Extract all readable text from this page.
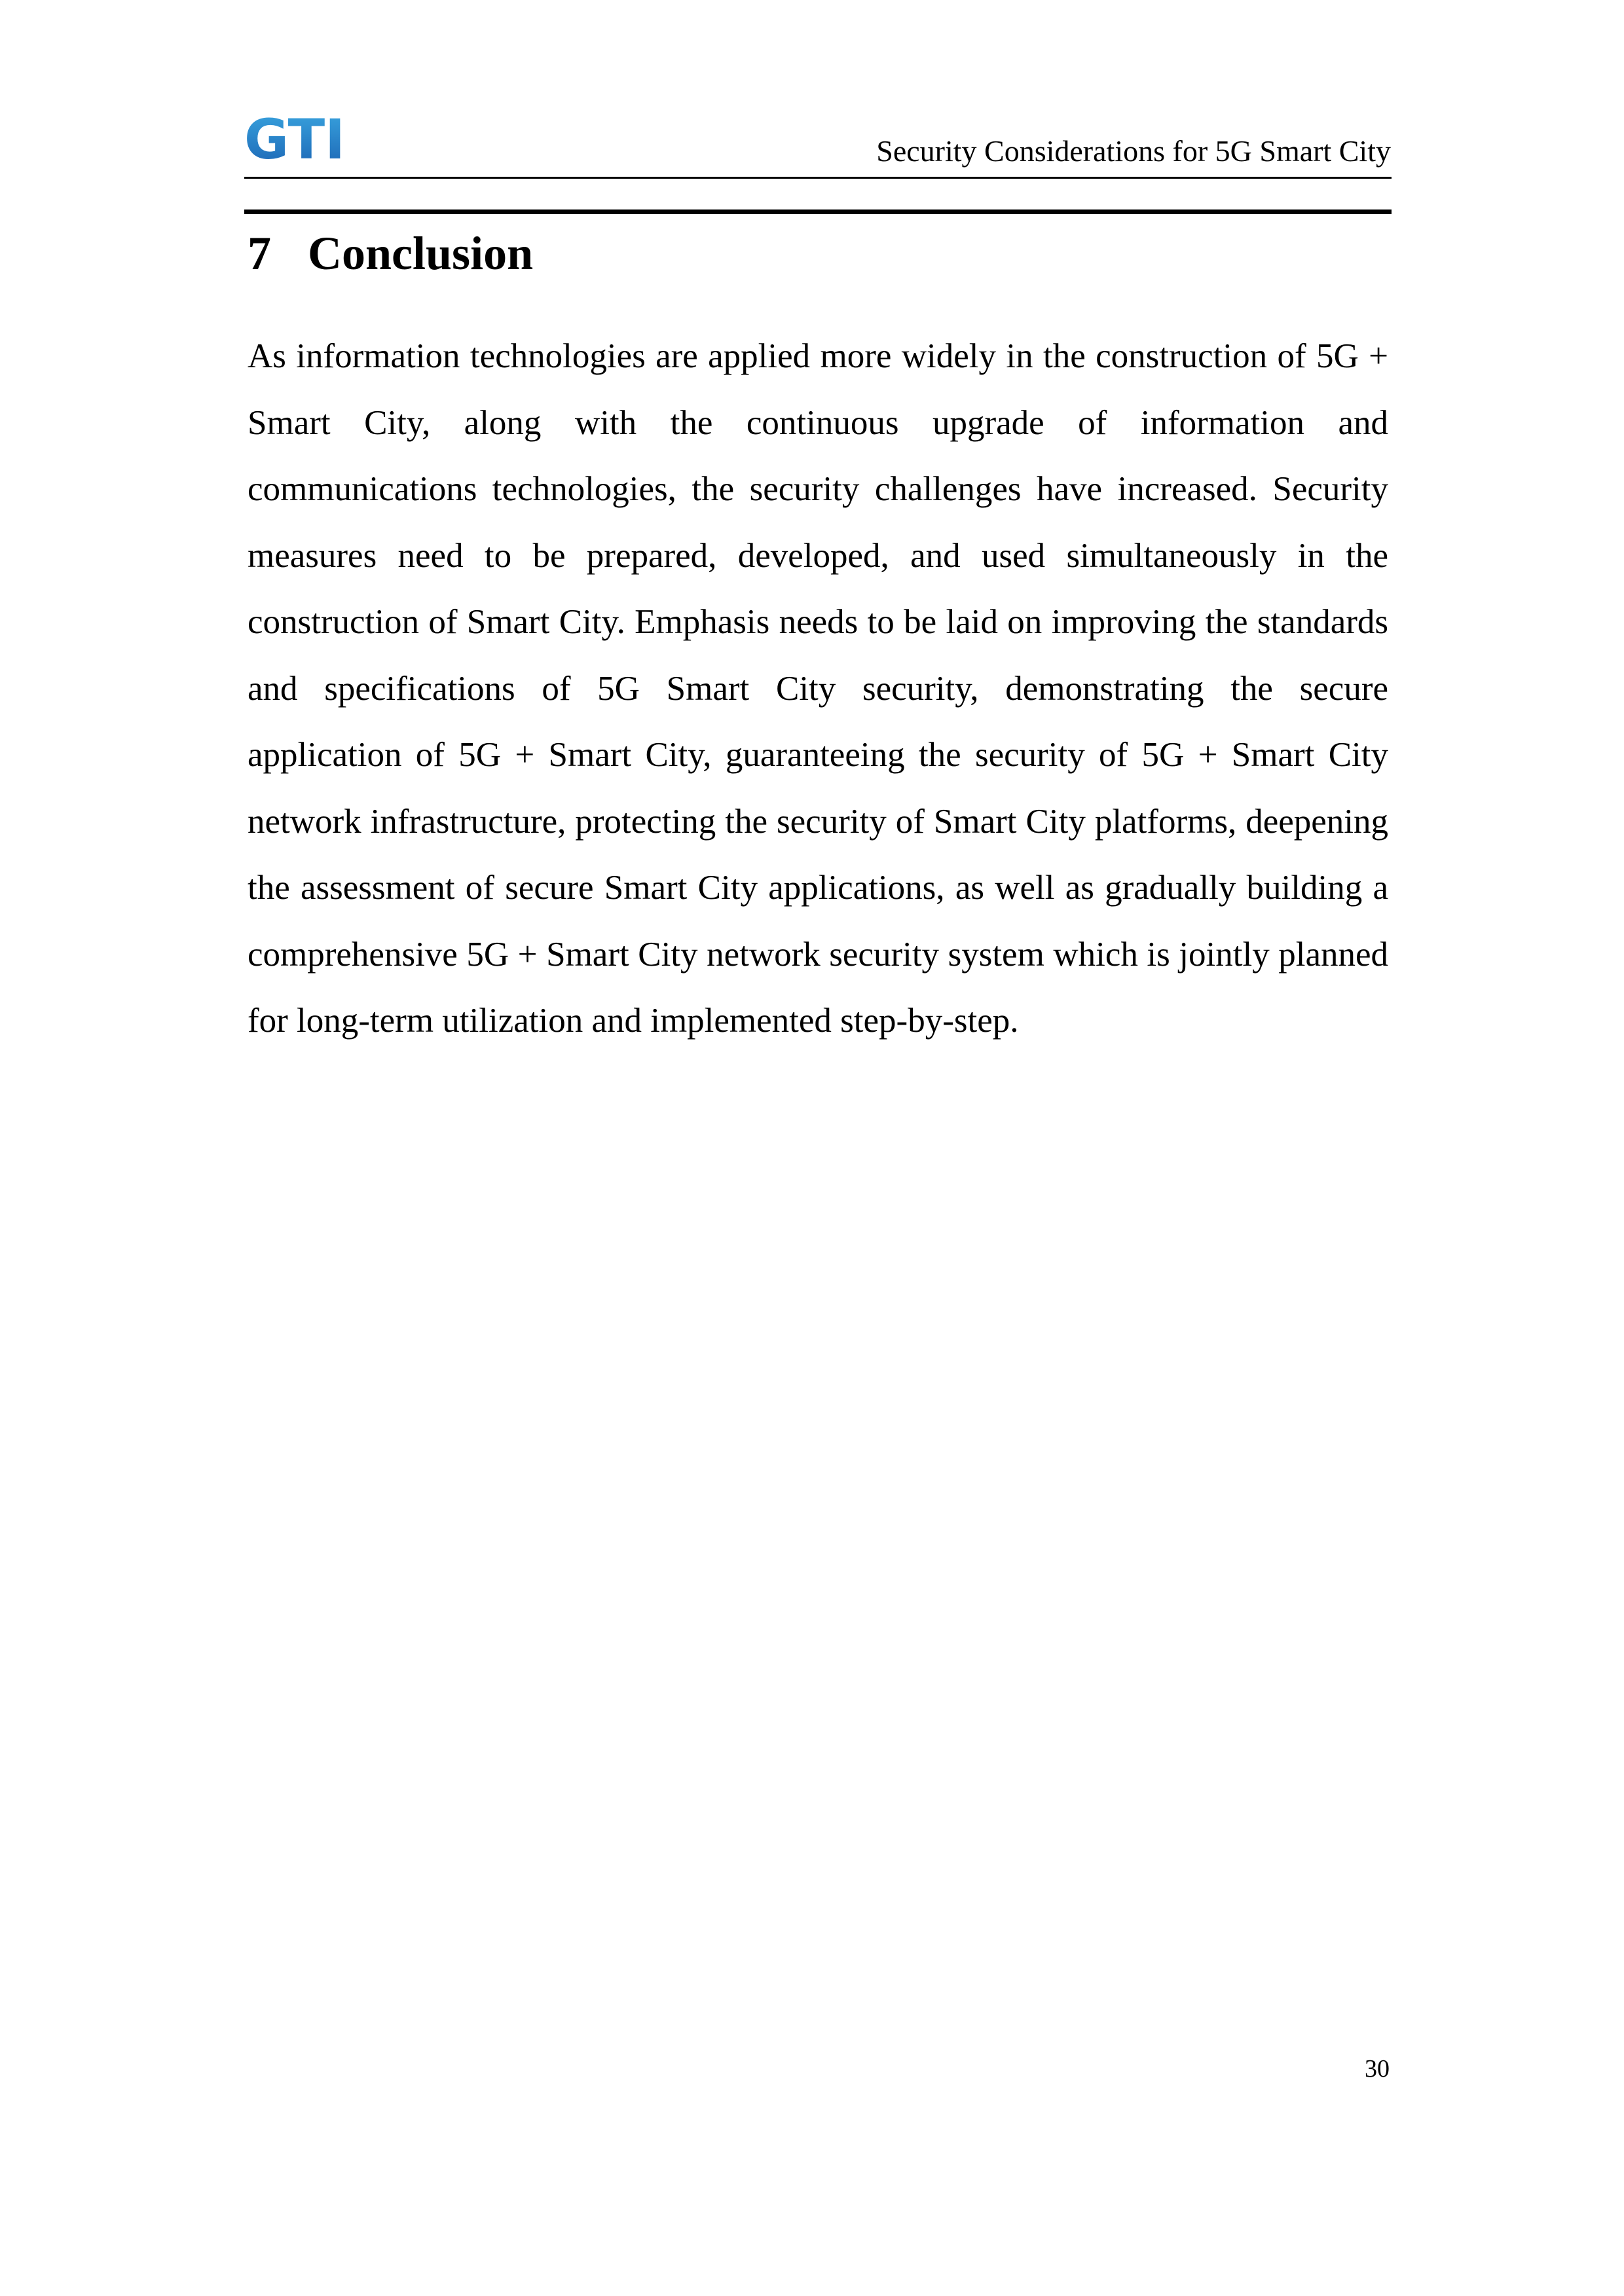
GTI	Security Considerations for 5G Smart City
7 Conclusion

As information technologies are applied more widely in the construction of 5G + Smart City, along with the continuous upgrade of information and communications technologies, the security challenges have increased. Security measures need to be prepared, developed, and used simultaneously in the construction of Smart City. Emphasis needs to be laid on improving the standards and specifications of 5G Smart City security, demonstrating the secure application of 5G + Smart City, guaranteeing the security of 5G + Smart City network infrastructure, protecting the security of Smart City platforms, deepening the assessment of secure Smart City applications, as well as gradually building a comprehensive 5G + Smart City network security system which is jointly planned for long-term utilization and implemented step-by-step.

30
